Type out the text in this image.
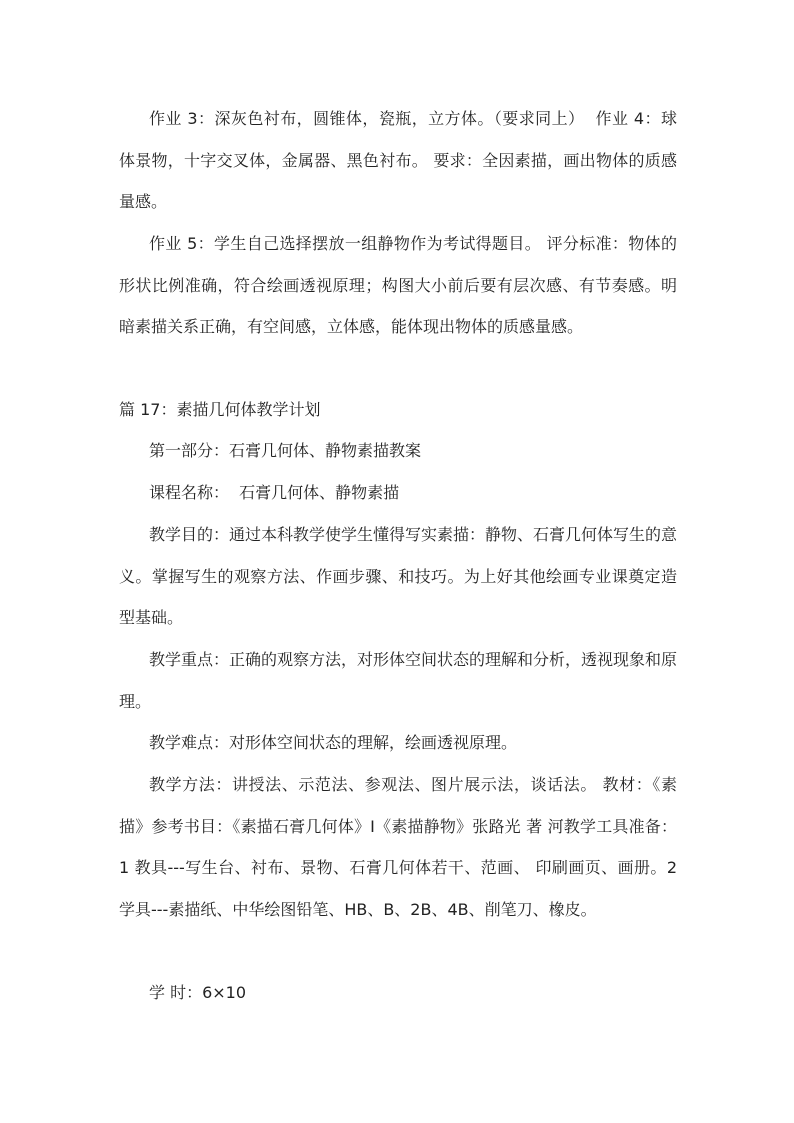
作业 3：深灰色衬布，圆锥体，瓷瓶，立方体。（要求同上）  作业 4：球体景物，十字交叉体，金属器、黑色衬布。 要求：全因素描，画出物体的质感量感。

作业 5：学生自己选择摆放一组静物作为考试得题目。 评分标准：物体的形状比例准确，符合绘画透视原理；构图大小前后要有层次感、有节奏感。明暗素描关系正确，有空间感，立体感，能体现出物体的质感量感。

篇 17：素描几何体教学计划

第一部分：石膏几何体、静物素描教案

课程名称：  石膏几何体、静物素描

教学目的：通过本科教学使学生懂得写实素描：静物、石膏几何体写生的意义。掌握写生的观察方法、作画步骤、和技巧。为上好其他绘画专业课奠定造型基础。

教学重点：正确的观察方法，对形体空间状态的理解和分析，透视现象和原理。

教学难点：对形体空间状态的理解，绘画透视原理。

教学方法：讲授法、示范法、参观法、图片展示法，谈话法。 教材：《素描》参考书目：《素描石膏几何体》I《素描静物》张路光 著 河教学工具准备：1 教具---写生台、衬布、景物、石膏几何体若干、范画、 印刷画页、画册。2 学具---素描纸、中华绘图铅笔、HB、B、2B、4B、削笔刀、橡皮。

学 时：6×10
